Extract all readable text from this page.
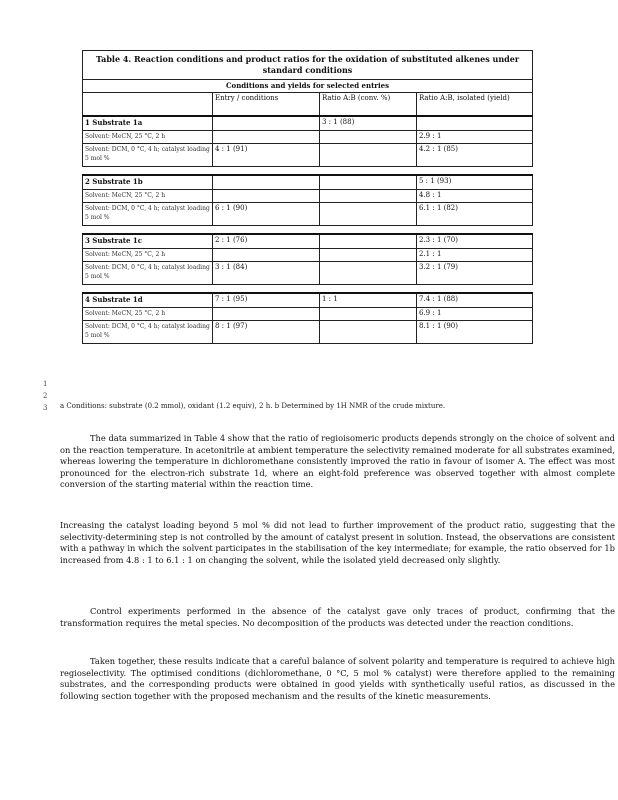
Table 4. Reaction conditions and product ratios for the oxidation of substituted alkenes under standard conditions			
Conditions and yields for selected entries			
	Entry / conditions	Ratio A:B (conv. %)	Ratio A:B, isolated (yield)
1 Substrate 1a		3 : 1 (88)	
Solvent: MeCN, 25 °C, 2 h			2.9 : 1
Solvent: DCM, 0 °C, 4 h; catalyst loading 5 mol %	4 : 1 (91)		4.2 : 1 (85)

2 Substrate 1b			5 : 1 (93)
Solvent: MeCN, 25 °C, 2 h			4.8 : 1
Solvent: DCM, 0 °C, 4 h; catalyst loading 5 mol %	6 : 1 (90)		6.1 : 1 (82)

3 Substrate 1c	2 : 1 (76)		2.3 : 1 (70)
Solvent: MeCN, 25 °C, 2 h			2.1 : 1
Solvent: DCM, 0 °C, 4 h; catalyst loading 5 mol %	3 : 1 (84)		3.2 : 1 (79)

4 Substrate 1d	7 : 1 (95)	1 : 1	7.4 : 1 (88)
Solvent: MeCN, 25 °C, 2 h			6.9 : 1
Solvent: DCM, 0 °C, 4 h; catalyst loading 5 mol %	8 : 1 (97)		8.1 : 1 (90)
1
2
3 a Conditions: substrate (0.2 mmol), oxidant (1.2 equiv), 2 h. b Determined by 1H NMR of the crude mixture.

The data summarized in Table 4 show that the ratio of regioisomeric products depends strongly on the choice of solvent and on the reaction temperature. In acetonitrile at ambient temperature the selectivity remained moderate for all substrates examined, whereas lowering the temperature in dichloromethane consistently improved the ratio in favour of isomer A. The effect was most pronounced for the electron-rich substrate 1d, where an eight-fold preference was observed together with almost complete conversion of the starting material within the reaction time.

Increasing the catalyst loading beyond 5 mol % did not lead to further improvement of the product ratio, suggesting that the selectivity-determining step is not controlled by the amount of catalyst present in solution. Instead, the observations are consistent with a pathway in which the solvent participates in the stabilisation of the key intermediate; for example, the ratio observed for 1b increased from 4.8 : 1 to 6.1 : 1 on changing the solvent, while the isolated yield decreased only slightly.

Control experiments performed in the absence of the catalyst gave only traces of product, confirming that the transformation requires the metal species. No decomposition of the products was detected under the reaction conditions.

Taken together, these results indicate that a careful balance of solvent polarity and temperature is required to achieve high regioselectivity. The optimised conditions (dichloromethane, 0 °C, 5 mol % catalyst) were therefore applied to the remaining substrates, and the corresponding products were obtained in good yields with synthetically useful ratios, as discussed in the following section together with the proposed mechanism and the results of the kinetic measurements.
